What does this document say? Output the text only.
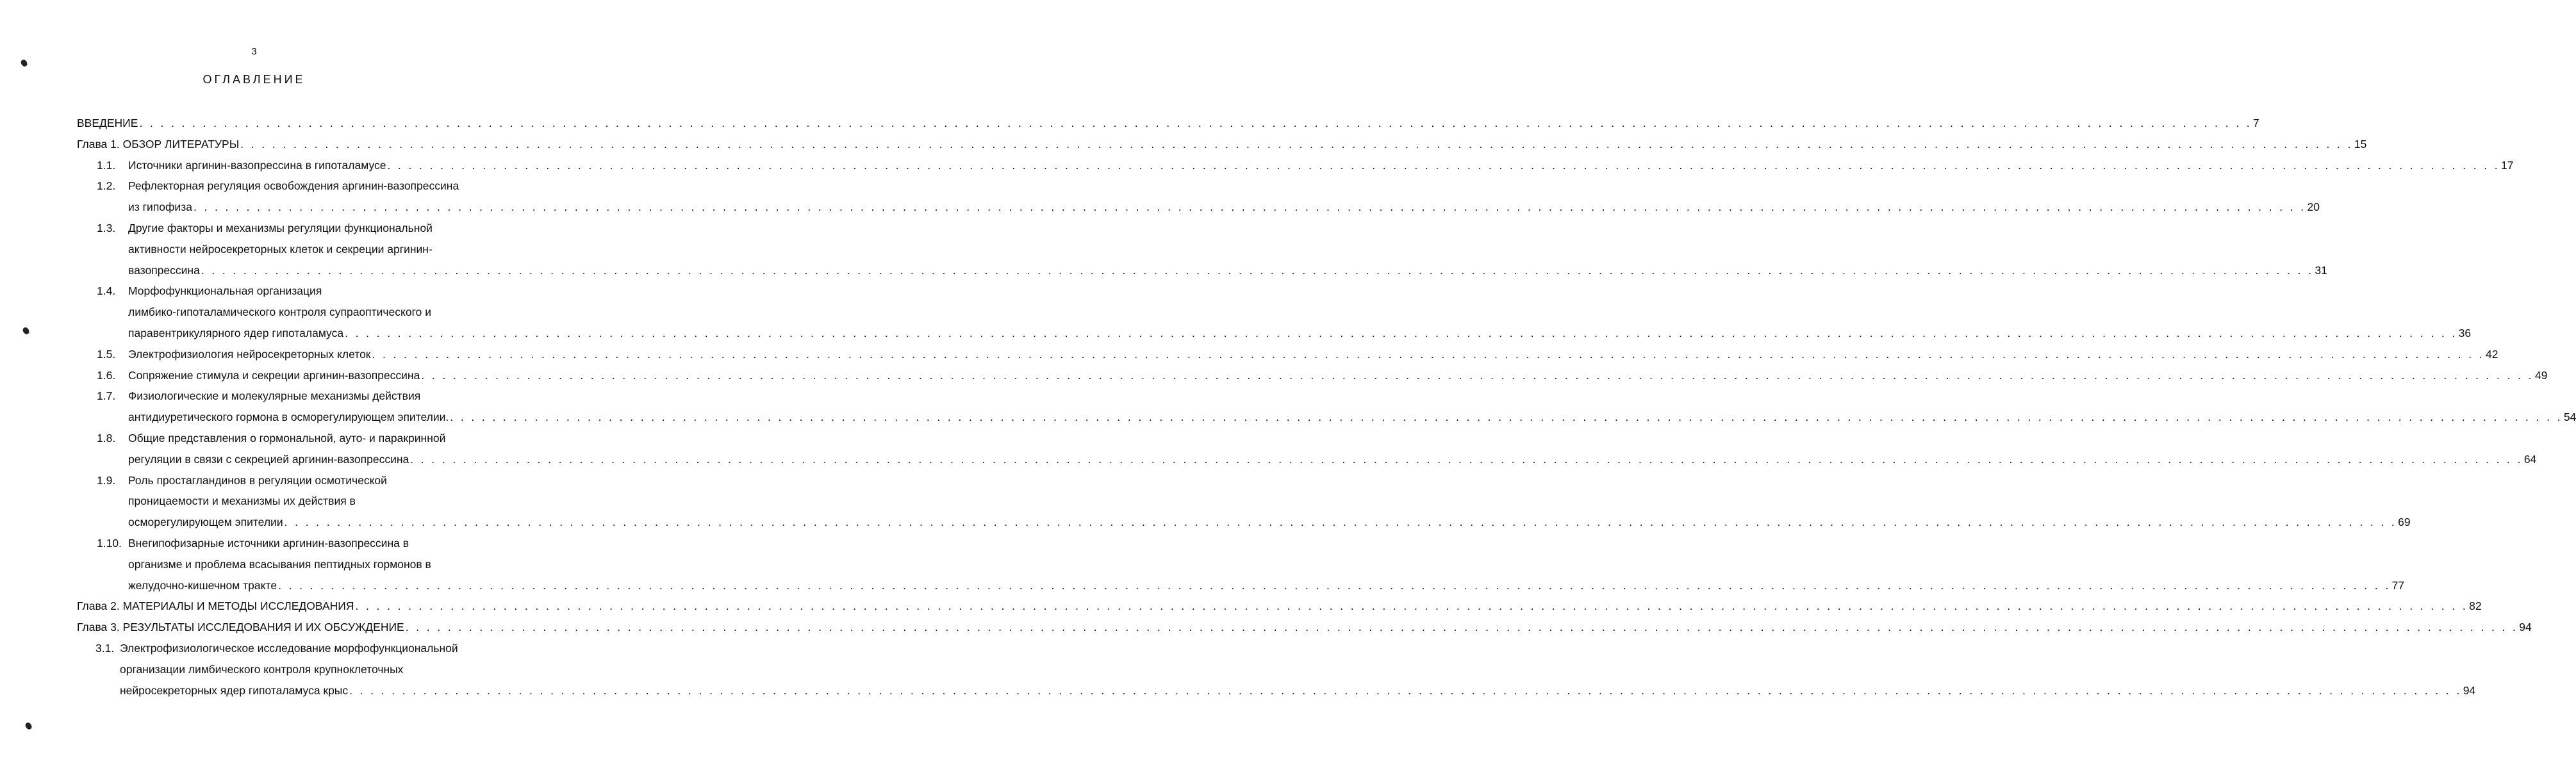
3
ОГЛАВЛЕНИЕ
ВВЕДЕНИЕ . . . . . . . . . . . . . . . . . . . . . . . . . . . . . . . . . . . . . . . . . . . . . . . . . . . . . . . . . . . . . . . . . . . . . . . . . . . . . . . . . . . . . . . . . . . . . . . . . . . . . . . . . . . . . . . . . . . . . . . . . . . . . . . . . . . . . . . . . . . . . . . . . . . . . . . . . . . . . . . . . . . . . . . . . . . . . . . . . . . . . . . . . . . . . . . . . . . . . . . . 7
Глава 1. ОБЗОР ЛИТЕРАТУРЫ . . . . . . . . . . . . . . . . . . . . . . . . . . . . . . . . . . . . . . . . . . . . . . . . . . . . . . . . . . . . . . . . . . . . . . . . . . . . . . . . . . . . . . . . . . . . . . . . . . . . . . . . . . . . . . . . . . . . . . . . . . . . . . . . . . . . . . . . . . . . . . . . . . . . . . . . . . . . . . . . . . . . . . . . . . . . . . . . . . . . . . . . . . . . . . . . . . . . . . . . 15
1.1. Источники аргинин-вазопрессина в гипоталамусе . . . . . . . . . . . . . . . . . . . . . . . . . . . . . . . . . . . . . . . . . . . . . . . . . . . . . . . . . . . . . . . . . . . . . . . . . . . . . . . . . . . . . . . . . . . . . . . . . . . . . . . . . . . . . . . . . . . . . . . . . . . . . . . . . . . . . . . . . . . . . . . . . . . . . . . . . . . . . . . . . . . . . . . . . . . . . . . . . . . . . . . . . . . . . . . . . . . . . . . . 17
1.2. Рефлекторная регуляция освобождения аргинин-вазопрессина
из гипофиза . . . . . . . . . . . . . . . . . . . . . . . . . . . . . . . . . . . . . . . . . . . . . . . . . . . . . . . . . . . . . . . . . . . . . . . . . . . . . . . . . . . . . . . . . . . . . . . . . . . . . . . . . . . . . . . . . . . . . . . . . . . . . . . . . . . . . . . . . . . . . . . . . . . . . . . . . . . . . . . . . . . . . . . . . . . . . . . . . . . . . . . . . . . . . . . . . . . . . . . . 20
1.3. Другие факторы и механизмы регуляции функциональной
активности нейросекреторных клеток и секреции аргинин-
вазопрессина . . . . . . . . . . . . . . . . . . . . . . . . . . . . . . . . . . . . . . . . . . . . . . . . . . . . . . . . . . . . . . . . . . . . . . . . . . . . . . . . . . . . . . . . . . . . . . . . . . . . . . . . . . . . . . . . . . . . . . . . . . . . . . . . . . . . . . . . . . . . . . . . . . . . . . . . . . . . . . . . . . . . . . . . . . . . . . . . . . . . . . . . . . . . . . . . . . . . . . . . 31
1.4. Морфофункциональная организация
лимбико-гипоталамического контроля супраоптического и
паравентрикулярного ядер гипоталамуса . . . . . . . . . . . . . . . . . . . . . . . . . . . . . . . . . . . . . . . . . . . . . . . . . . . . . . . . . . . . . . . . . . . . . . . . . . . . . . . . . . . . . . . . . . . . . . . . . . . . . . . . . . . . . . . . . . . . . . . . . . . . . . . . . . . . . . . . . . . . . . . . . . . . . . . . . . . . . . . . . . . . . . . . . . . . . . . . . . . . . . . . . . . . . . . . . . . . . . . . 36
1.5. Электрофизиология нейросекреторных клеток . . . . . . . . . . . . . . . . . . . . . . . . . . . . . . . . . . . . . . . . . . . . . . . . . . . . . . . . . . . . . . . . . . . . . . . . . . . . . . . . . . . . . . . . . . . . . . . . . . . . . . . . . . . . . . . . . . . . . . . . . . . . . . . . . . . . . . . . . . . . . . . . . . . . . . . . . . . . . . . . . . . . . . . . . . . . . . . . . . . . . . . . . . . . . . . . . . . . . . . . 42
1.6. Сопряжение стимула и секреции аргинин-вазопрессина . . . . . . . . . . . . . . . . . . . . . . . . . . . . . . . . . . . . . . . . . . . . . . . . . . . . . . . . . . . . . . . . . . . . . . . . . . . . . . . . . . . . . . . . . . . . . . . . . . . . . . . . . . . . . . . . . . . . . . . . . . . . . . . . . . . . . . . . . . . . . . . . . . . . . . . . . . . . . . . . . . . . . . . . . . . . . . . . . . . . . . . . . . . . . . . . . . . . . . . . 49
1.7. Физиологические и молекулярные механизмы действия
антидиуретического гормона в осморегулирующем эпителии. . . . . . . . . . . . . . . . . . . . . . . . . . . . . . . . . . . . . . . . . . . . . . . . . . . . . . . . . . . . . . . . . . . . . . . . . . . . . . . . . . . . . . . . . . . . . . . . . . . . . . . . . . . . . . . . . . . . . . . . . . . . . . . . . . . . . . . . . . . . . . . . . . . . . . . . . . . . . . . . . . . . . . . . . . . . . . . . . . . . . . . . . . . . . . . . . . . . . . . . . 54
1.8. Общие представления о гормональной, ауто- и паракринной
регуляции в связи с секрецией аргинин-вазопрессина . . . . . . . . . . . . . . . . . . . . . . . . . . . . . . . . . . . . . . . . . . . . . . . . . . . . . . . . . . . . . . . . . . . . . . . . . . . . . . . . . . . . . . . . . . . . . . . . . . . . . . . . . . . . . . . . . . . . . . . . . . . . . . . . . . . . . . . . . . . . . . . . . . . . . . . . . . . . . . . . . . . . . . . . . . . . . . . . . . . . . . . . . . . . . . . . . . . . . . . . 64
1.9. Роль простагландинов в регуляции осмотической
проницаемости и механизмы их действия в
осморегулирующем эпителии . . . . . . . . . . . . . . . . . . . . . . . . . . . . . . . . . . . . . . . . . . . . . . . . . . . . . . . . . . . . . . . . . . . . . . . . . . . . . . . . . . . . . . . . . . . . . . . . . . . . . . . . . . . . . . . . . . . . . . . . . . . . . . . . . . . . . . . . . . . . . . . . . . . . . . . . . . . . . . . . . . . . . . . . . . . . . . . . . . . . . . . . . . . . . . . . . . . . . . . . 69
1.10. Внегипофизарные источники аргинин-вазопрессина в
организме и проблема всасывания пептидных гормонов в
желудочно-кишечном тракте . . . . . . . . . . . . . . . . . . . . . . . . . . . . . . . . . . . . . . . . . . . . . . . . . . . . . . . . . . . . . . . . . . . . . . . . . . . . . . . . . . . . . . . . . . . . . . . . . . . . . . . . . . . . . . . . . . . . . . . . . . . . . . . . . . . . . . . . . . . . . . . . . . . . . . . . . . . . . . . . . . . . . . . . . . . . . . . . . . . . . . . . . . . . . . . . . . . . . . . . 77
Глава 2. МАТЕРИАЛЫ И МЕТОДЫ ИССЛЕДОВАНИЯ . . . . . . . . . . . . . . . . . . . . . . . . . . . . . . . . . . . . . . . . . . . . . . . . . . . . . . . . . . . . . . . . . . . . . . . . . . . . . . . . . . . . . . . . . . . . . . . . . . . . . . . . . . . . . . . . . . . . . . . . . . . . . . . . . . . . . . . . . . . . . . . . . . . . . . . . . . . . . . . . . . . . . . . . . . . . . . . . . . . . . . . . . . . . . . . . . . . . . . . . 82
Глава 3. РЕЗУЛЬТАТЫ ИССЛЕДОВАНИЯ И ИХ ОБСУЖДЕНИЕ . . . . . . . . . . . . . . . . . . . . . . . . . . . . . . . . . . . . . . . . . . . . . . . . . . . . . . . . . . . . . . . . . . . . . . . . . . . . . . . . . . . . . . . . . . . . . . . . . . . . . . . . . . . . . . . . . . . . . . . . . . . . . . . . . . . . . . . . . . . . . . . . . . . . . . . . . . . . . . . . . . . . . . . . . . . . . . . . . . . . . . . . . . . . . . . . . . . . . . . . 94
3.1. Электрофизиологическое исследование морфофункциональной
организации лимбического контроля крупноклеточных
нейросекреторных ядер гипоталамуса крыс . . . . . . . . . . . . . . . . . . . . . . . . . . . . . . . . . . . . . . . . . . . . . . . . . . . . . . . . . . . . . . . . . . . . . . . . . . . . . . . . . . . . . . . . . . . . . . . . . . . . . . . . . . . . . . . . . . . . . . . . . . . . . . . . . . . . . . . . . . . . . . . . . . . . . . . . . . . . . . . . . . . . . . . . . . . . . . . . . . . . . . . . . . . . . . . . . . . . . . . . 94
